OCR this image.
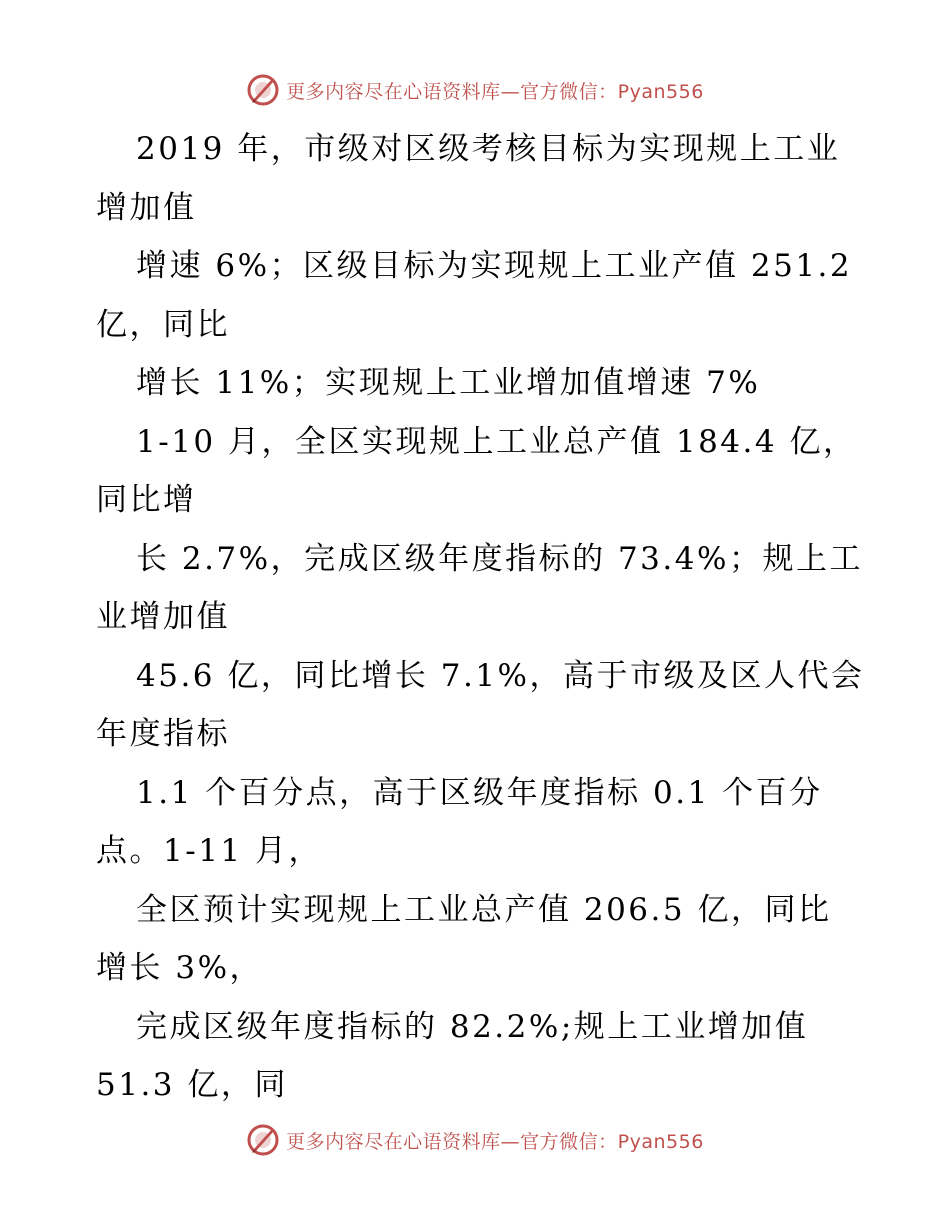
更多内容尽在心语资料库—官方微信：Pyan556
2019 年，市级对区级考核目标为实现规上工业
增加值
增速 6%；区级目标为实现规上工业产值 251.2
亿，同比
增长 11%；实现规上工业增加值增速 7%
1-10 月，全区实现规上工业总产值 184.4 亿，
同比增
长 2.7%，完成区级年度指标的 73.4%；规上工
业增加值
45.6 亿，同比增长 7.1%，高于市级及区人代会
年度指标
1.1 个百分点，高于区级年度指标 0.1 个百分
点。1-11 月，
全区预计实现规上工业总产值 206.5 亿，同比
增长 3%，
完成区级年度指标的 82.2%;规上工业增加值
51.3 亿，同
更多内容尽在心语资料库—官方微信：Pyan556
